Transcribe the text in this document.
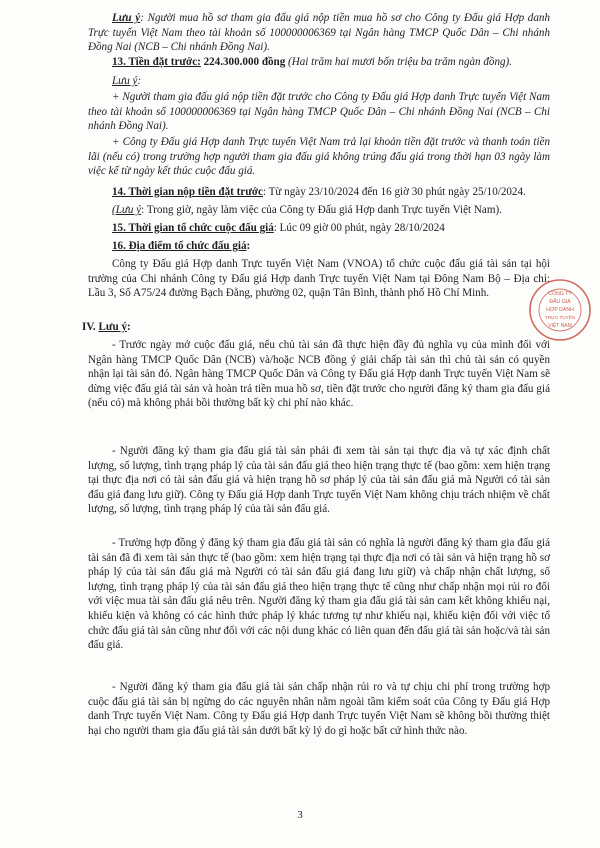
Lưu ý: Người mua hồ sơ tham gia đấu giá nộp tiền mua hồ sơ cho Công ty Đấu giá Hợp danh Trực tuyến Việt Nam theo tài khoản số 100000006369 tại Ngân hàng TMCP Quốc Dân – Chi nhánh Đồng Nai (NCB – Chi nhánh Đồng Nai).

13. Tiền đặt trước: 224.300.000 đồng (Hai trăm hai mươi bốn triệu ba trăm ngàn đồng).

Lưu ý:

+ Người tham gia đấu giá nộp tiền đặt trước cho Công ty Đấu giá Hợp danh Trực tuyến Việt Nam theo tài khoản số 100000006369 tại Ngân hàng TMCP Quốc Dân – Chi nhánh Đồng Nai (NCB – Chi nhánh Đồng Nai).

+ Công ty Đấu giá Hợp danh Trực tuyến Việt Nam trả lại khoản tiền đặt trước và thanh toán tiền lãi (nếu có) trong trường hợp người tham gia đấu giá không trúng đấu giá trong thời hạn 03 ngày làm việc kể từ ngày kết thúc cuộc đấu giá.

14. Thời gian nộp tiền đặt trước: Từ ngày 23/10/2024 đến 16 giờ 30 phút ngày 25/10/2024.

(Lưu ý: Trong giờ, ngày làm việc của Công ty Đấu giá Hợp danh Trực tuyến Việt Nam).

15. Thời gian tổ chức cuộc đấu giá: Lúc 09 giờ 00 phút, ngày 28/10/2024

16. Địa điểm tổ chức đấu giá:

Công ty Đấu giá Hợp danh Trực tuyến Việt Nam (VNOA) tổ chức cuộc đấu giá tài sản tại hội trường của Chi nhánh Công ty Đấu giá Hợp danh Trực tuyến Việt Nam tại Đông Nam Bộ – Địa chỉ: Lầu 3, Số A75/24 đường Bạch Đằng, phường 02, quận Tân Bình, thành phố Hồ Chí Minh.

IV. Lưu ý:

- Trước ngày mở cuộc đấu giá, nếu chủ tài sản đã thực hiện đầy đủ nghĩa vụ của mình đối với Ngân hàng TMCP Quốc Dân (NCB) và/hoặc NCB đồng ý giải chấp tài sản thì chủ tài sản có quyền nhận lại tài sản đó. Ngân hàng TMCP Quốc Dân và Công ty Đấu giá Hợp danh Trực tuyến Việt Nam sẽ dừng việc đấu giá tài sản và hoàn trả tiền mua hồ sơ, tiền đặt trước cho người đăng ký tham gia đấu giá (nếu có) mà không phải bồi thường bất kỳ chi phí nào khác.

- Người đăng ký tham gia đấu giá tài sản phải đi xem tài sản tại thực địa và tự xác định chất lượng, số lượng, tình trạng pháp lý của tài sản đấu giá theo hiện trạng thực tế (bao gồm: xem hiện trạng tại thực địa nơi có tài sản đấu giá và hiện trạng hồ sơ pháp lý của tài sản đấu giá mà Người có tài sản đấu giá đang lưu giữ). Công ty Đấu giá Hợp danh Trực tuyến Việt Nam không chịu trách nhiệm về chất lượng, số lượng, tình trạng pháp lý của tài sản đấu giá.

- Trường hợp đồng ý đăng ký tham gia đấu giá tài sản có nghĩa là người đăng ký tham gia đấu giá tài sản đã đi xem tài sản thực tế (bao gồm: xem hiện trạng tại thực địa nơi có tài sản và hiện trạng hồ sơ pháp lý của tài sản đấu giá mà Người có tài sản đấu giá đang lưu giữ) và chấp nhận chất lượng, số lượng, tình trạng pháp lý của tài sản đấu giá theo hiện trạng thực tế cũng như chấp nhận mọi rủi ro đối với việc mua tài sản đấu giá nêu trên. Người đăng ký tham gia đấu giá tài sản cam kết không khiếu nại, khiếu kiện và không có các hình thức pháp lý khác tương tự như khiếu nại, khiếu kiện đối với việc tổ chức đấu giá tài sản cũng như đối với các nội dung khác có liên quan đến đấu giá tài sản hoặc/và tài sản đấu giá.

- Người đăng ký tham gia đấu giá tài sản chấp nhận rủi ro và tự chịu chi phí trong trường hợp cuộc đấu giá tài sản bị ngừng do các nguyên nhân nằm ngoài tầm kiểm soát của Công ty Đấu giá Hợp danh Trực tuyến Việt Nam. Công ty Đấu giá Hợp danh Trực tuyến Việt Nam sẽ không bồi thường thiệt hại cho người tham gia đấu giá tài sản dưới bất kỳ lý do gì hoặc bất cứ hình thức nào.

3
CÔNG TY
ĐẤU GIÁ
HỢP DANH
TRỰC TUYẾN
VIỆT NAM
